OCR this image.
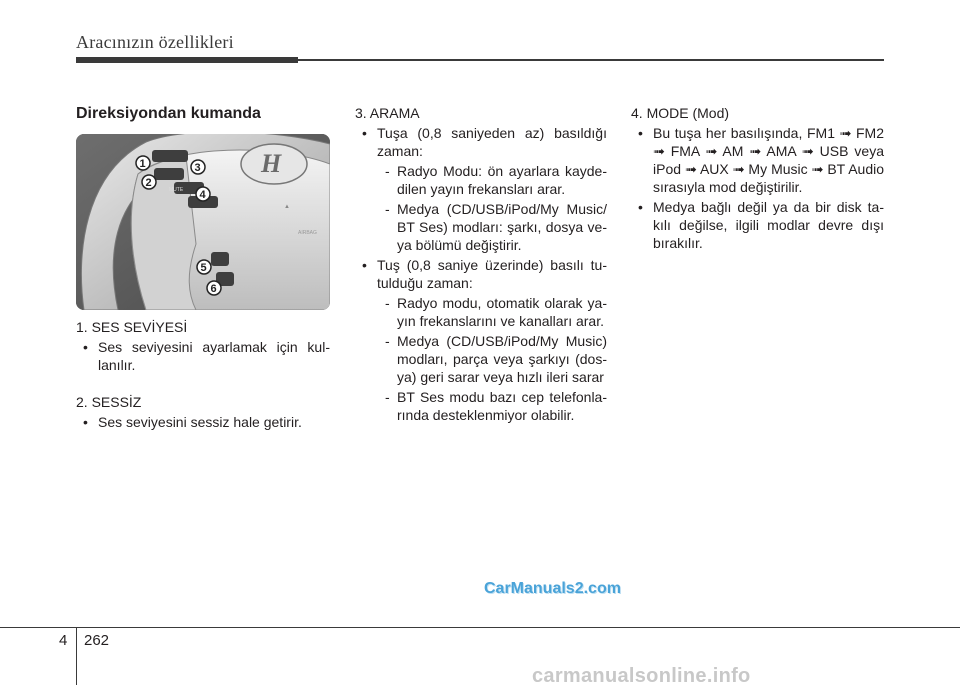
Aracınızın özellikleri
Direksiyondan kumanda
H
MUTE
▲
AIRBAG
1
2
3
4
5
6

1. SES SEVİYESİ

• Ses seviyesini ayarlamak için kul- lanılır.

2. SESSİZ

• Ses seviyesini sessiz hale getirir.

3. ARAMA

• Tuşa (0,8 saniyeden az) basıldığı zaman:
- Radyo Modu: ön ayarlara kayde- dilen yayın frekansları arar.
- Medya (CD/USB/iPod/My Music/ BT Ses) modları: şarkı, dosya ve- ya bölümü değiştirir.
• Tuş (0,8 saniye üzerinde) basılı tu- tulduğu zaman:
- Radyo modu, otomatik olarak ya- yın frekanslarını ve kanalları arar.
- Medya (CD/USB/iPod/My Music) modları, parça veya şarkıyı (dos- ya) geri sarar veya hızlı ileri sarar
- BT Ses modu bazı cep telefonla- rında desteklenmiyor olabilir.

4. MODE (Mod)

• Bu tuşa her basılışında, FM1 ➟ FM2 ➟ FMA ➟ AM ➟ AMA ➟ USB veya iPod ➟ AUX ➟ My Music ➟ BT Audio sırasıyla mod değiştirilir.
• Medya bağlı değil ya da bir disk ta- kılı değilse, ilgili modlar devre dışı bırakılır.
CarManuals2.com
4 262
carmanualsonline.info
